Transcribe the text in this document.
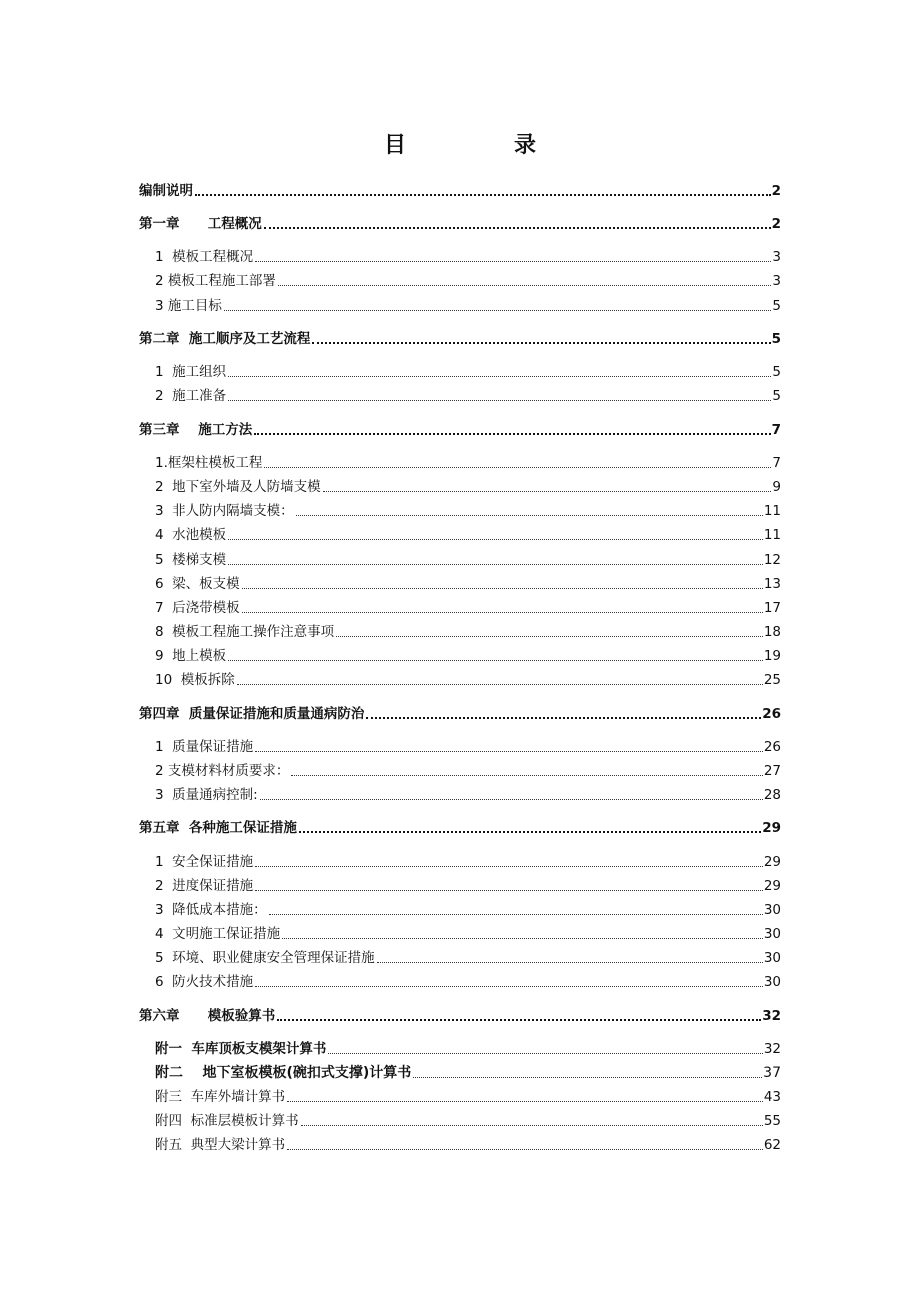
目	录
编制说明	2
第一章      工程概况	2
1  模板工程概况	3
2 模板工程施工部署	3
3 施工目标	5
第二章  施工顺序及工艺流程	5
1  施工组织	5
2  施工准备	5
第三章    施工方法	7
1.框架柱模板工程	7
2  地下室外墙及人防墙支模	9
3  非人防内隔墙支模：	11
4  水池模板	11
5  楼梯支模	12
6  梁、板支模	13
7  后浇带模板	17
8  模板工程施工操作注意事项	18
9  地上模板	19
10  模板拆除	25
第四章  质量保证措施和质量通病防治	26
1  质量保证措施	26
2 支模材料材质要求：	27
3  质量通病控制:	28
第五章  各种施工保证措施	29
1  安全保证措施	29
2  进度保证措施	29
3  降低成本措施：	30
4  文明施工保证措施	30
5  环境、职业健康安全管理保证措施	30
6  防火技术措施	30
第六章      模板验算书	32
附一  车库顶板支模架计算书	32
附二    地下室板模板(碗扣式支撑)计算书	37
附三  车库外墙计算书	43
附四  标准层模板计算书	55
附五  典型大梁计算书	62
